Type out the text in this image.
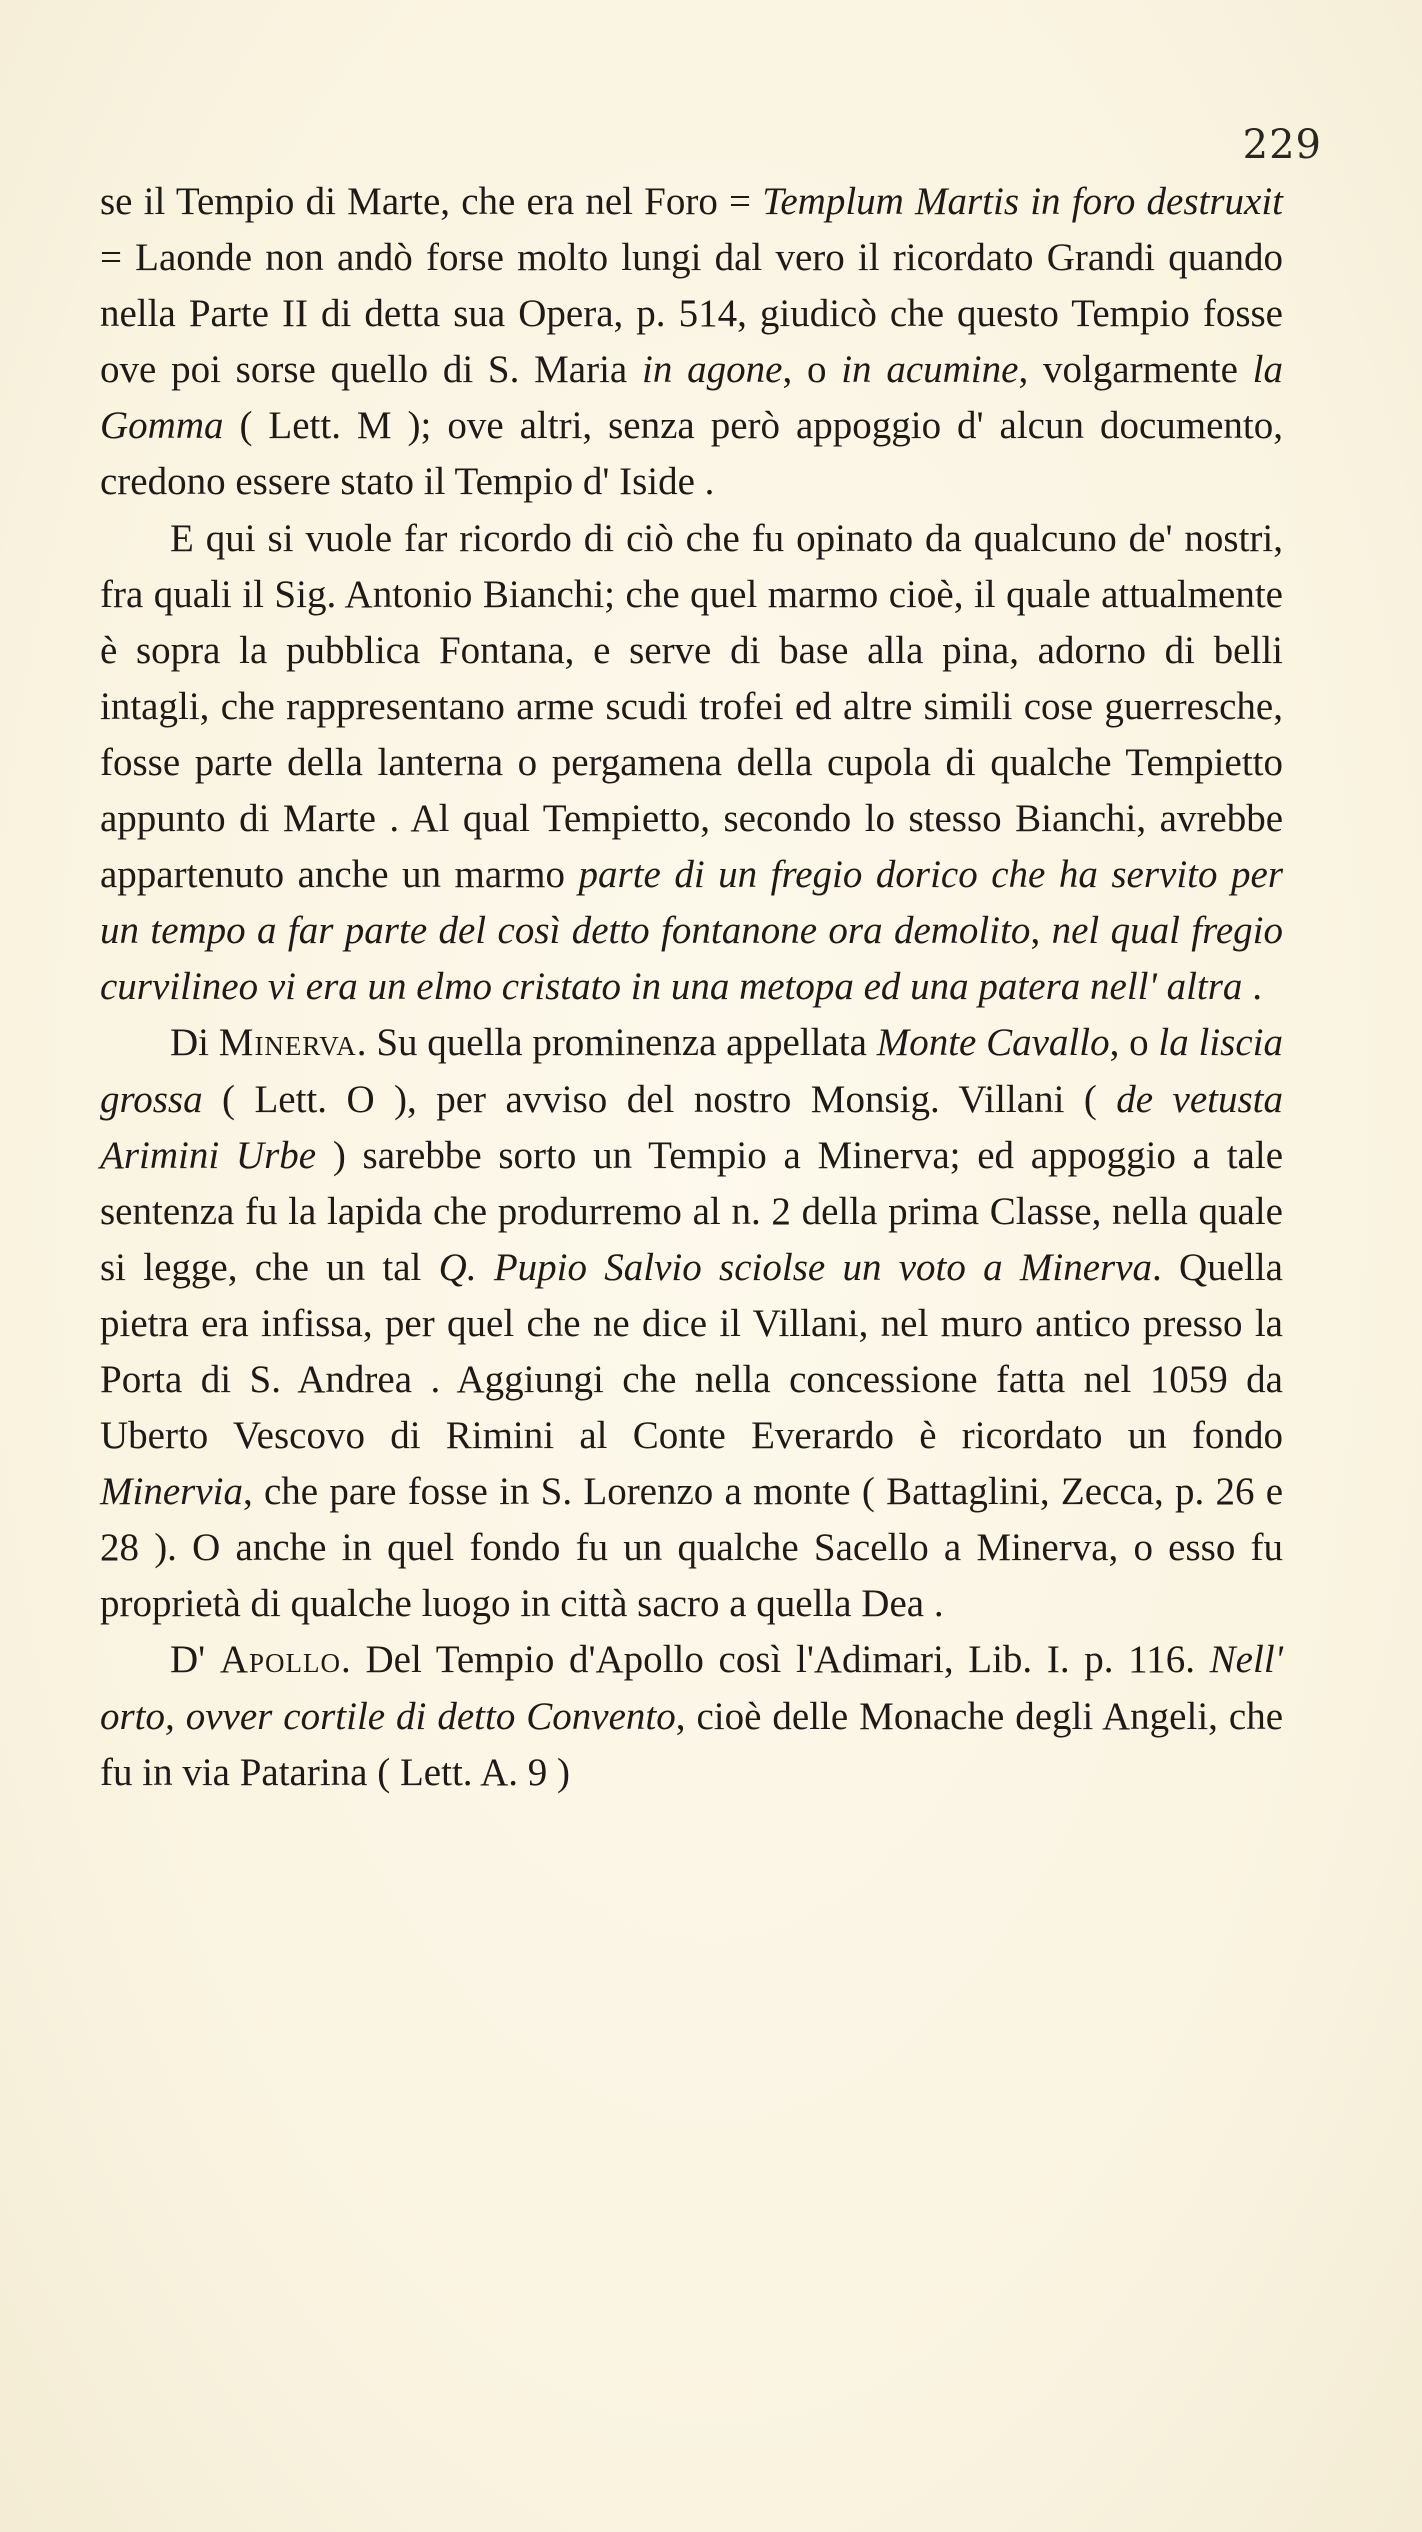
229

se il Tempio di Marte, che era nel Foro = Templum Martis in foro destruxit = Laonde non andò forse molto lungi dal vero il ricordato Grandi quando nella Parte II di detta sua Opera, p. 514, giudicò che questo Tempio fosse ove poi sorse quello di S. Maria in agone, o in acumine, volgarmente la Gomma ( Lett. M ); ove altri, senza però appoggio d' alcun documento, credono essere stato il Tempio d' Iside .

E qui si vuole far ricordo di ciò che fu opinato da qualcuno de' nostri, fra quali il Sig. Antonio Bianchi; che quel marmo cioè, il quale attualmente è sopra la pubblica Fontana, e serve di base alla pina, adorno di belli intagli, che rappresentano arme scudi trofei ed altre simili cose guerresche, fosse parte della lanterna o pergamena della cupola di qualche Tempietto appunto di Marte . Al qual Tempietto, secondo lo stesso Bianchi, avrebbe appartenuto anche un marmo parte di un fregio dorico che ha servito per un tempo a far parte del così detto fontanone ora demolito, nel qual fregio curvilineo vi era un elmo cristato in una metopa ed una patera nell' altra .

Di Minerva. Su quella prominenza appellata Monte Cavallo, o la liscia grossa ( Lett. O ), per avviso del nostro Monsig. Villani ( de vetusta Arimini Urbe ) sarebbe sorto un Tempio a Minerva; ed appoggio a tale sentenza fu la lapida che produrremo al n. 2 della prima Classe, nella quale si legge, che un tal Q. Pupio Salvio sciolse un voto a Minerva. Quella pietra era infissa, per quel che ne dice il Villani, nel muro antico presso la Porta di S. Andrea . Aggiungi che nella concessione fatta nel 1059 da Uberto Vescovo di Rimini al Conte Everardo è ricordato un fondo Minervia, che pare fosse in S. Lorenzo a monte ( Battaglini, Zecca, p. 26 e 28 ). O anche in quel fondo fu un qualche Sacello a Minerva, o esso fu proprietà di qualche luogo in città sacro a quella Dea .

D' Apollo. Del Tempio d'Apollo così l'Adimari, Lib. I. p. 116. Nell' orto, ovver cortile di detto Convento, cioè delle Monache degli Angeli, che fu in via Patarina ( Lett. A. 9 )
